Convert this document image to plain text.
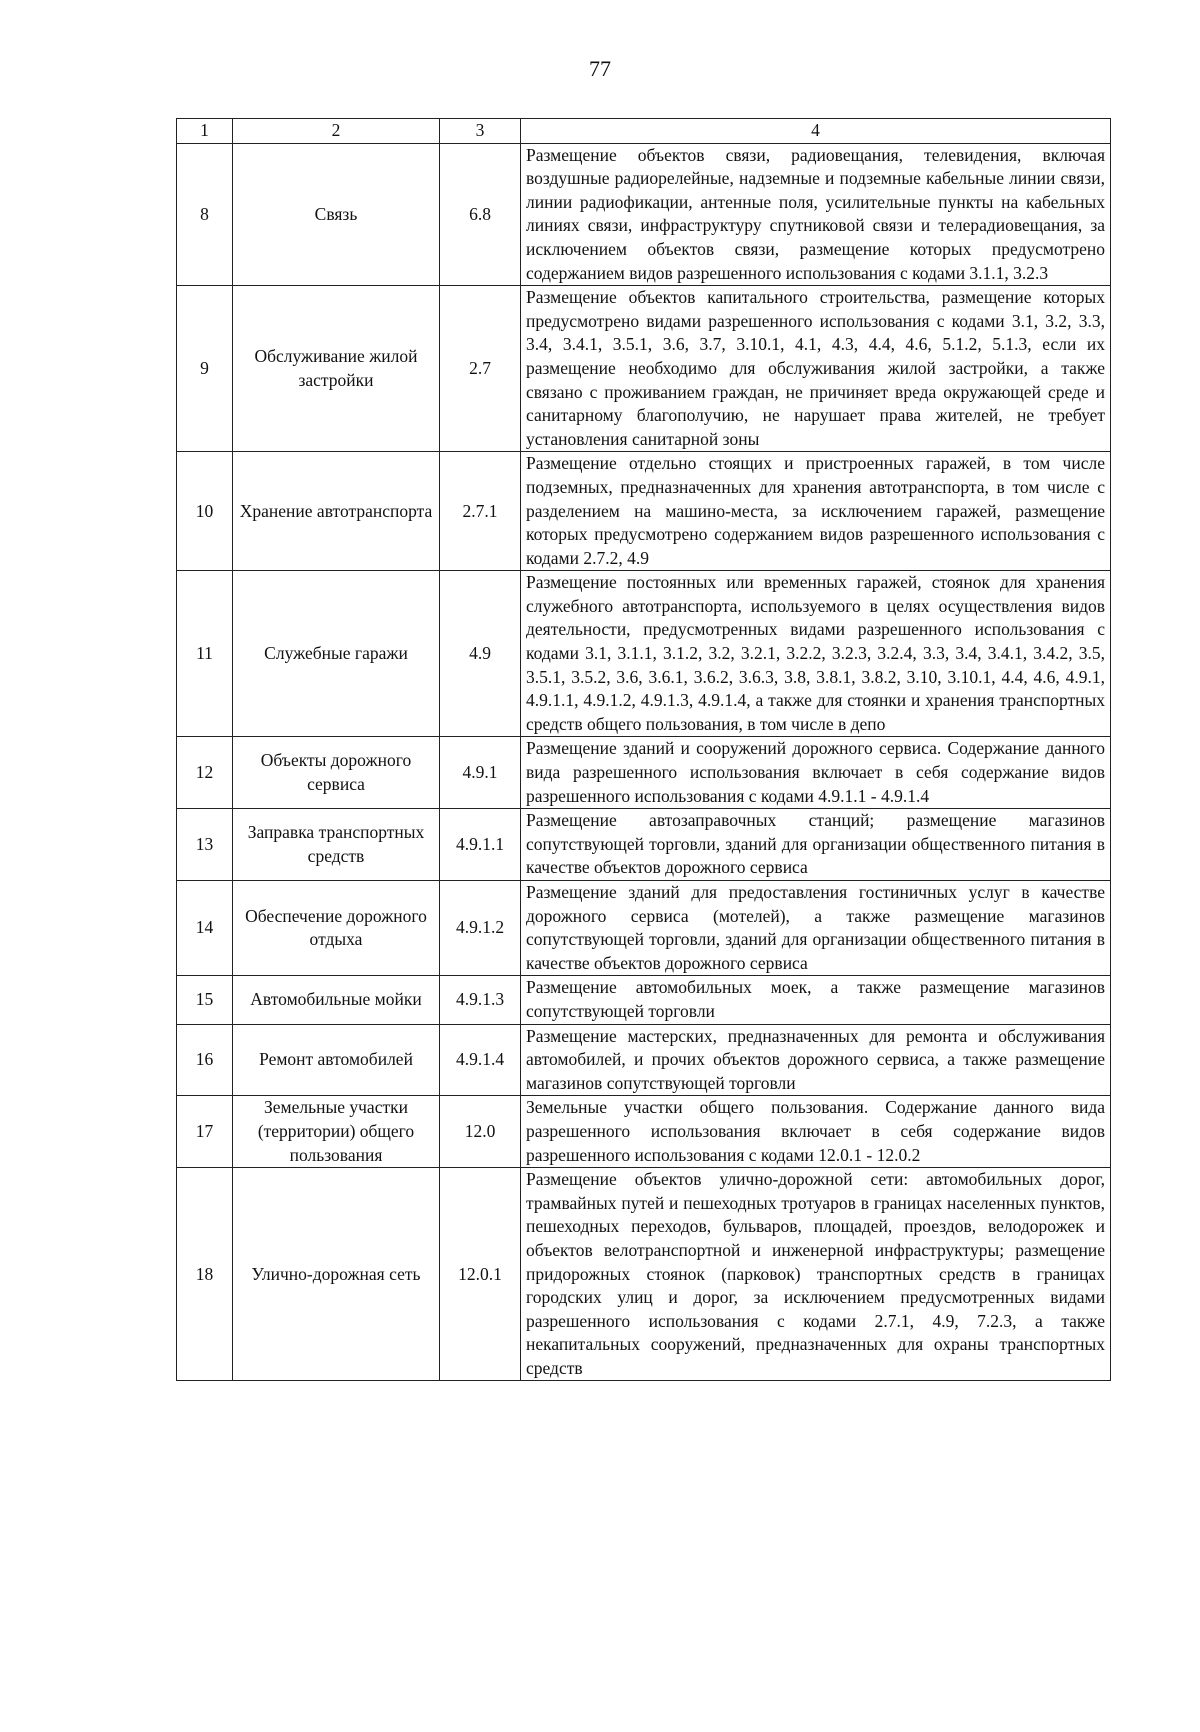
77
1	2	3	4
8	Связь	6.8	Размещение объектов связи, радиовещания, телевидения, включая воздушные радиорелейные, надземные и подземные кабельные линии связи, линии радиофикации, антенные поля, усилительные пункты на кабельных линиях связи, инфраструктуру спутниковой связи и телерадиовещания, за исключением объектов связи, размещение которых предусмотрено содержанием видов разрешенного использования с кодами 3.1.1, 3.2.3
9	Обслуживание жилой застройки	2.7	Размещение объектов капитального строительства, размещение которых предусмотрено видами разрешенного использования с кодами 3.1, 3.2, 3.3, 3.4, 3.4.1, 3.5.1, 3.6, 3.7, 3.10.1, 4.1, 4.3, 4.4, 4.6, 5.1.2, 5.1.3, если их размещение необходимо для обслуживания жилой застройки, а также связано с проживанием граждан, не причиняет вреда окружающей среде и санитарному благополучию, не нарушает права жителей, не требует установления санитарной зоны
10	Хранение автотранспорта	2.7.1	Размещение отдельно стоящих и пристроенных гаражей, в том числе подземных, предназначенных для хранения автотранспорта, в том числе с разделением на машино-места, за исключением гаражей, размещение которых предусмотрено содержанием видов разрешенного использования с кодами 2.7.2, 4.9
11	Служебные гаражи	4.9	Размещение постоянных или временных гаражей, стоянок для хранения служебного автотранспорта, используемого в целях осуществления видов деятельности, предусмотренных видами разрешенного использования с кодами 3.1, 3.1.1, 3.1.2, 3.2, 3.2.1, 3.2.2, 3.2.3, 3.2.4, 3.3, 3.4, 3.4.1, 3.4.2, 3.5, 3.5.1, 3.5.2, 3.6, 3.6.1, 3.6.2, 3.6.3, 3.8, 3.8.1, 3.8.2, 3.10, 3.10.1, 4.4, 4.6, 4.9.1, 4.9.1.1, 4.9.1.2, 4.9.1.3, 4.9.1.4, а также для стоянки и хранения транспортных средств общего пользования, в том числе в депо
12	Объекты дорожного сервиса	4.9.1	Размещение зданий и сооружений дорожного сервиса. Содержание данного вида разрешенного использования включает в себя содержание видов разрешенного использования с кодами 4.9.1.1 - 4.9.1.4
13	Заправка транспортных средств	4.9.1.1	Размещение автозаправочных станций; размещение магазинов сопутствующей торговли, зданий для организации общественного питания в качестве объектов дорожного сервиса
14	Обеспечение дорожного отдыха	4.9.1.2	Размещение зданий для предоставления гостиничных услуг в качестве дорожного сервиса (мотелей), а также размещение магазинов сопутствующей торговли, зданий для организации общественного питания в качестве объектов дорожного сервиса
15	Автомобильные мойки	4.9.1.3	Размещение автомобильных моек, а также размещение магазинов сопутствующей торговли
16	Ремонт автомобилей	4.9.1.4	Размещение мастерских, предназначенных для ремонта и обслуживания автомобилей, и прочих объектов дорожного сервиса, а также размещение магазинов сопутствующей торговли
17	Земельные участки (территории) общего пользования	12.0	Земельные участки общего пользования. Содержание данного вида разрешенного использования включает в себя содержание видов разрешенного использования с кодами 12.0.1 - 12.0.2
18	Улично-дорожная сеть	12.0.1	Размещение объектов улично-дорожной сети: автомобильных дорог, трамвайных путей и пешеходных тротуаров в границах населенных пунктов, пешеходных переходов, бульваров, площадей, проездов, велодорожек и объектов велотранспортной и инженерной инфраструктуры; размещение придорожных стоянок (парковок) транспортных средств в границах городских улиц и дорог, за исключением предусмотренных видами разрешенного использования с кодами 2.7.1, 4.9, 7.2.3, а также некапитальных сооружений, предназначенных для охраны транспортных средств
